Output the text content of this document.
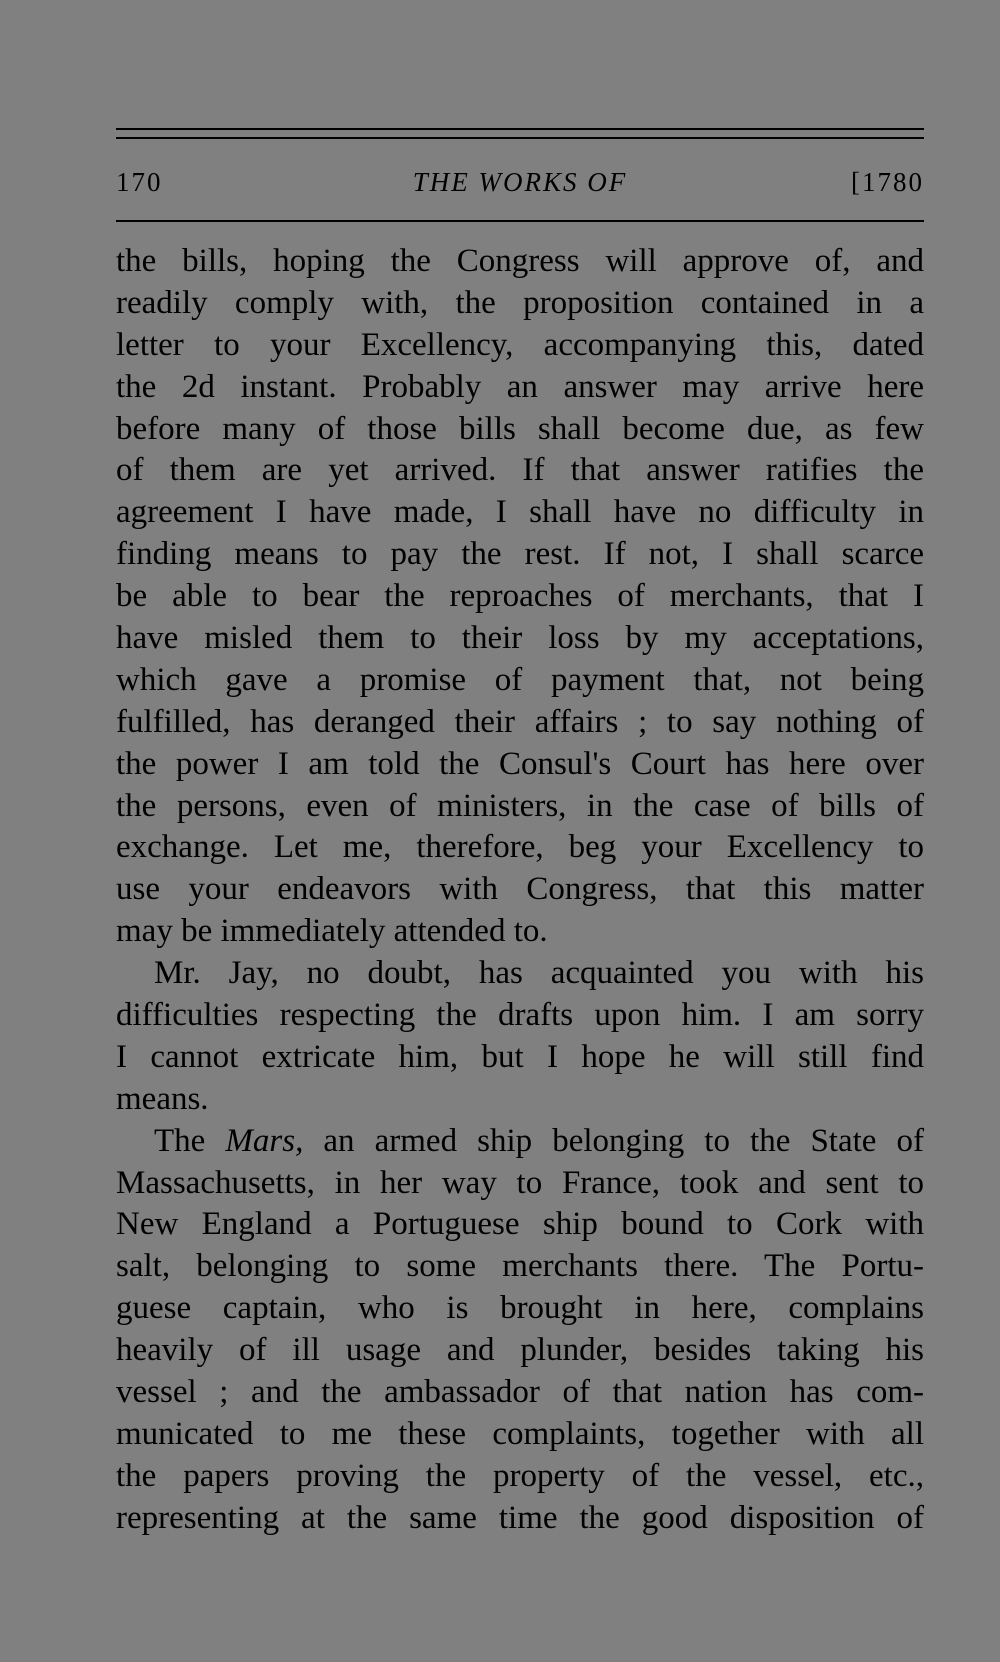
170	THE WORKS OF	[1780
the bills, hoping the Congress will approve of, and
readily comply with, the proposition contained in a
letter to your Excellency, accompanying this, dated
the 2d instant. Probably an answer may arrive here
before many of those bills shall become due, as few
of them are yet arrived. If that answer ratifies the
agreement I have made, I shall have no difficulty in
finding means to pay the rest. If not, I shall scarce
be able to bear the reproaches of merchants, that I
have misled them to their loss by my acceptations,
which gave a promise of payment that, not being
fulfilled, has deranged their affairs ; to say nothing of
the power I am told the Consul's Court has here over
the persons, even of ministers, in the case of bills of
exchange. Let me, therefore, beg your Excellency to
use your endeavors with Congress, that this matter
may be immediately attended to.
Mr. Jay, no doubt, has acquainted you with his
difficulties respecting the drafts upon him. I am sorry
I cannot extricate him, but I hope he will still find
means.
The Mars, an armed ship belonging to the State of
Massachusetts, in her way to France, took and sent to
New England a Portuguese ship bound to Cork with
salt, belonging to some merchants there. The Portu-
guese captain, who is brought in here, complains
heavily of ill usage and plunder, besides taking his
vessel ; and the ambassador of that nation has com-
municated to me these complaints, together with all
the papers proving the property of the vessel, etc.,
representing at the same time the good disposition of
